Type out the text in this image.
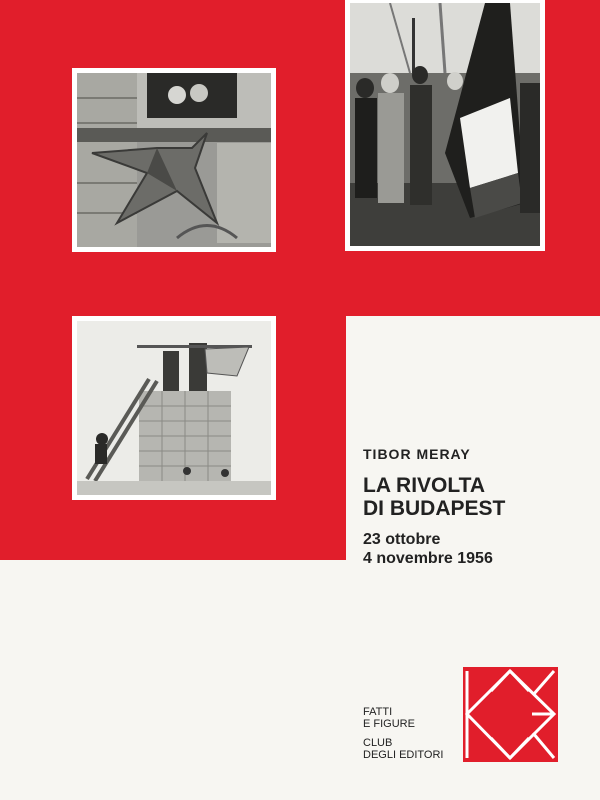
TIBOR MERAY
LA RIVOLTA
DI BUDAPEST
23 ottobre
4 novembre 1956
FATTI
E FIGURE
CLUB
DEGLI EDITORI
